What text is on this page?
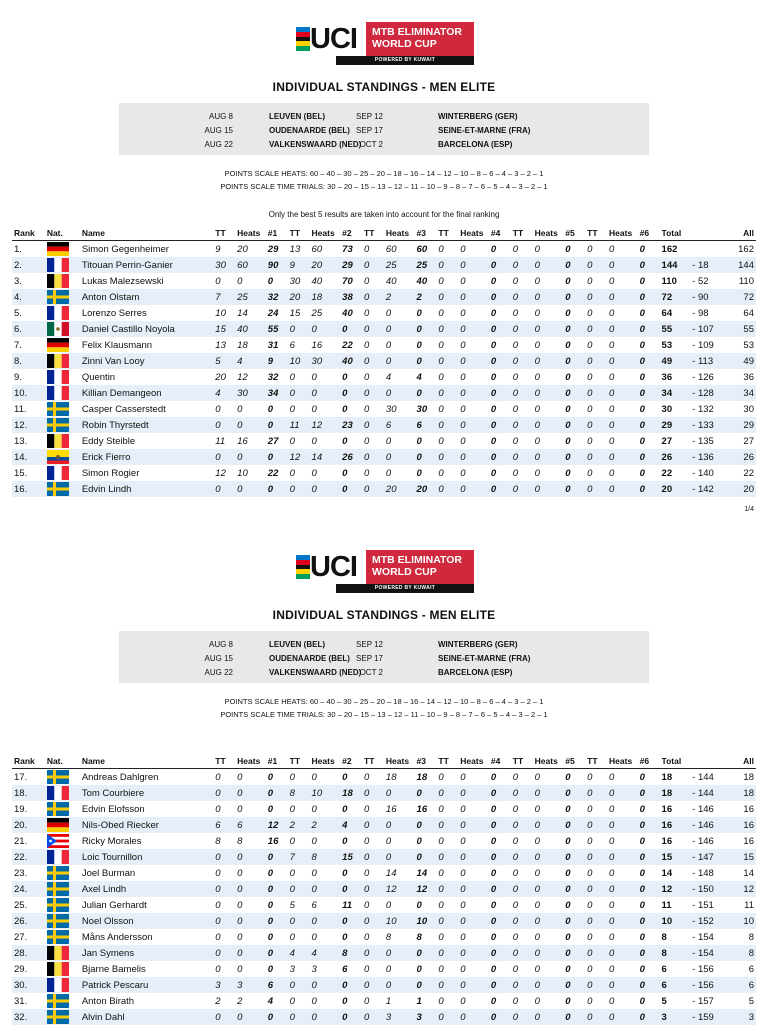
UCI MTB ELIMINATOR
WORLD CUP
POWERED BY KUWAIT
INDIVIDUAL STANDINGS - MEN ELITE
AUG 8	LEUVEN (BEL)
AUG 15	OUDENAARDE (BEL)
AUG 22	VALKENSWAARD (NED)
SEP 12	WINTERBERG (GER)
SEP 17	SEINE-ET-MARNE (FRA)
OCT 2	BARCELONA (ESP)
POINTS SCALE HEATS: 60 – 40 – 30 – 25 – 20 – 18 – 16 – 14 – 12 – 10 – 8 – 6 – 4 – 3 – 2 – 1
POINTS SCALE TIME TRIALS: 30 – 20 – 15 – 13 – 12 – 11 – 10 – 9 – 8 – 7 – 6 – 5 – 4 – 3 – 2 – 1
Only the best 5 results are taken into account for the final ranking
Rank	Nat.	Name	TT	Heats	#1	TT	Heats	#2	TT	Heats	#3	TT	Heats	#4	TT	Heats	#5	TT	Heats	#6	Total		All
1.		Simon Gegenheimer	9	20	29	13	60	73	0	60	60	0	0	0	0	0	0	0	0	0	162		162
2.		Titouan Perrin-Ganier	30	60	90	9	20	29	0	25	25	0	0	0	0	0	0	0	0	0	144	- 18	144
3.		Lukas Malezsewski	0	0	0	30	40	70	0	40	40	0	0	0	0	0	0	0	0	0	110	- 52	110
4.		Anton Olstam	7	25	32	20	18	38	0	2	2	0	0	0	0	0	0	0	0	0	72	- 90	72
5.		Lorenzo Serres	10	14	24	15	25	40	0	0	0	0	0	0	0	0	0	0	0	0	64	- 98	64
6.		Daniel Castillo Noyola	15	40	55	0	0	0	0	0	0	0	0	0	0	0	0	0	0	0	55	- 107	55
7.		Felix Klausmann	13	18	31	6	16	22	0	0	0	0	0	0	0	0	0	0	0	0	53	- 109	53
8.		Zinni Van Looy	5	4	9	10	30	40	0	0	0	0	0	0	0	0	0	0	0	0	49	- 113	49
9.		Quentin	20	12	32	0	0	0	0	4	4	0	0	0	0	0	0	0	0	0	36	- 126	36
10.		Killian Demangeon	4	30	34	0	0	0	0	0	0	0	0	0	0	0	0	0	0	0	34	- 128	34
11.		Casper Casserstedt	0	0	0	0	0	0	0	30	30	0	0	0	0	0	0	0	0	0	30	- 132	30
12.		Robin Thyrstedt	0	0	0	11	12	23	0	6	6	0	0	0	0	0	0	0	0	0	29	- 133	29
13.		Eddy Steible	11	16	27	0	0	0	0	0	0	0	0	0	0	0	0	0	0	0	27	- 135	27
14.		Erick Fierro	0	0	0	12	14	26	0	0	0	0	0	0	0	0	0	0	0	0	26	- 136	26
15.		Simon Rogier	12	10	22	0	0	0	0	0	0	0	0	0	0	0	0	0	0	0	22	- 140	22
16.		Edvin Lindh	0	0	0	0	0	0	0	20	20	0	0	0	0	0	0	0	0	0	20	- 142	20
1/4
UCI MTB ELIMINATOR
WORLD CUP
POWERED BY KUWAIT
INDIVIDUAL STANDINGS - MEN ELITE
AUG 8	LEUVEN (BEL)
AUG 15	OUDENAARDE (BEL)
AUG 22	VALKENSWAARD (NED)
SEP 12	WINTERBERG (GER)
SEP 17	SEINE-ET-MARNE (FRA)
OCT 2	BARCELONA (ESP)
POINTS SCALE HEATS: 60 – 40 – 30 – 25 – 20 – 18 – 16 – 14 – 12 – 10 – 8 – 6 – 4 – 3 – 2 – 1
POINTS SCALE TIME TRIALS: 30 – 20 – 15 – 13 – 12 – 11 – 10 – 9 – 8 – 7 – 6 – 5 – 4 – 3 – 2 – 1
Rank	Nat.	Name	TT	Heats	#1	TT	Heats	#2	TT	Heats	#3	TT	Heats	#4	TT	Heats	#5	TT	Heats	#6	Total		All
17.		Andreas Dahlgren	0	0	0	0	0	0	0	18	18	0	0	0	0	0	0	0	0	0	18	- 144	18
18.		Tom Courbiere	0	0	0	8	10	18	0	0	0	0	0	0	0	0	0	0	0	0	18	- 144	18
19.		Edvin Elofsson	0	0	0	0	0	0	0	16	16	0	0	0	0	0	0	0	0	0	16	- 146	16
20.		Nils-Obed Riecker	6	6	12	2	2	4	0	0	0	0	0	0	0	0	0	0	0	0	16	- 146	16
21.		Ricky Morales	8	8	16	0	0	0	0	0	0	0	0	0	0	0	0	0	0	0	16	- 146	16
22.		Loic Tournillon	0	0	0	7	8	15	0	0	0	0	0	0	0	0	0	0	0	0	15	- 147	15
23.		Joel Burman	0	0	0	0	0	0	0	14	14	0	0	0	0	0	0	0	0	0	14	- 148	14
24.		Axel Lindh	0	0	0	0	0	0	0	12	12	0	0	0	0	0	0	0	0	0	12	- 150	12
25.		Julian Gerhardt	0	0	0	5	6	11	0	0	0	0	0	0	0	0	0	0	0	0	11	- 151	11
26.		Noel Olsson	0	0	0	0	0	0	0	10	10	0	0	0	0	0	0	0	0	0	10	- 152	10
27.		Måns Andersson	0	0	0	0	0	0	0	8	8	0	0	0	0	0	0	0	0	0	8	- 154	8
28.		Jan Symens	0	0	0	4	4	8	0	0	0	0	0	0	0	0	0	0	0	0	8	- 154	8
29.		Bjarne Bamelis	0	0	0	3	3	6	0	0	0	0	0	0	0	0	0	0	0	0	6	- 156	6
30.		Patrick Pescaru	3	3	6	0	0	0	0	0	0	0	0	0	0	0	0	0	0	0	6	- 156	6
31.		Anton Birath	2	2	4	0	0	0	0	1	1	0	0	0	0	0	0	0	0	0	5	- 157	5
32.		Alvin Dahl	0	0	0	0	0	0	0	3	3	0	0	0	0	0	0	0	0	0	3	- 159	3
